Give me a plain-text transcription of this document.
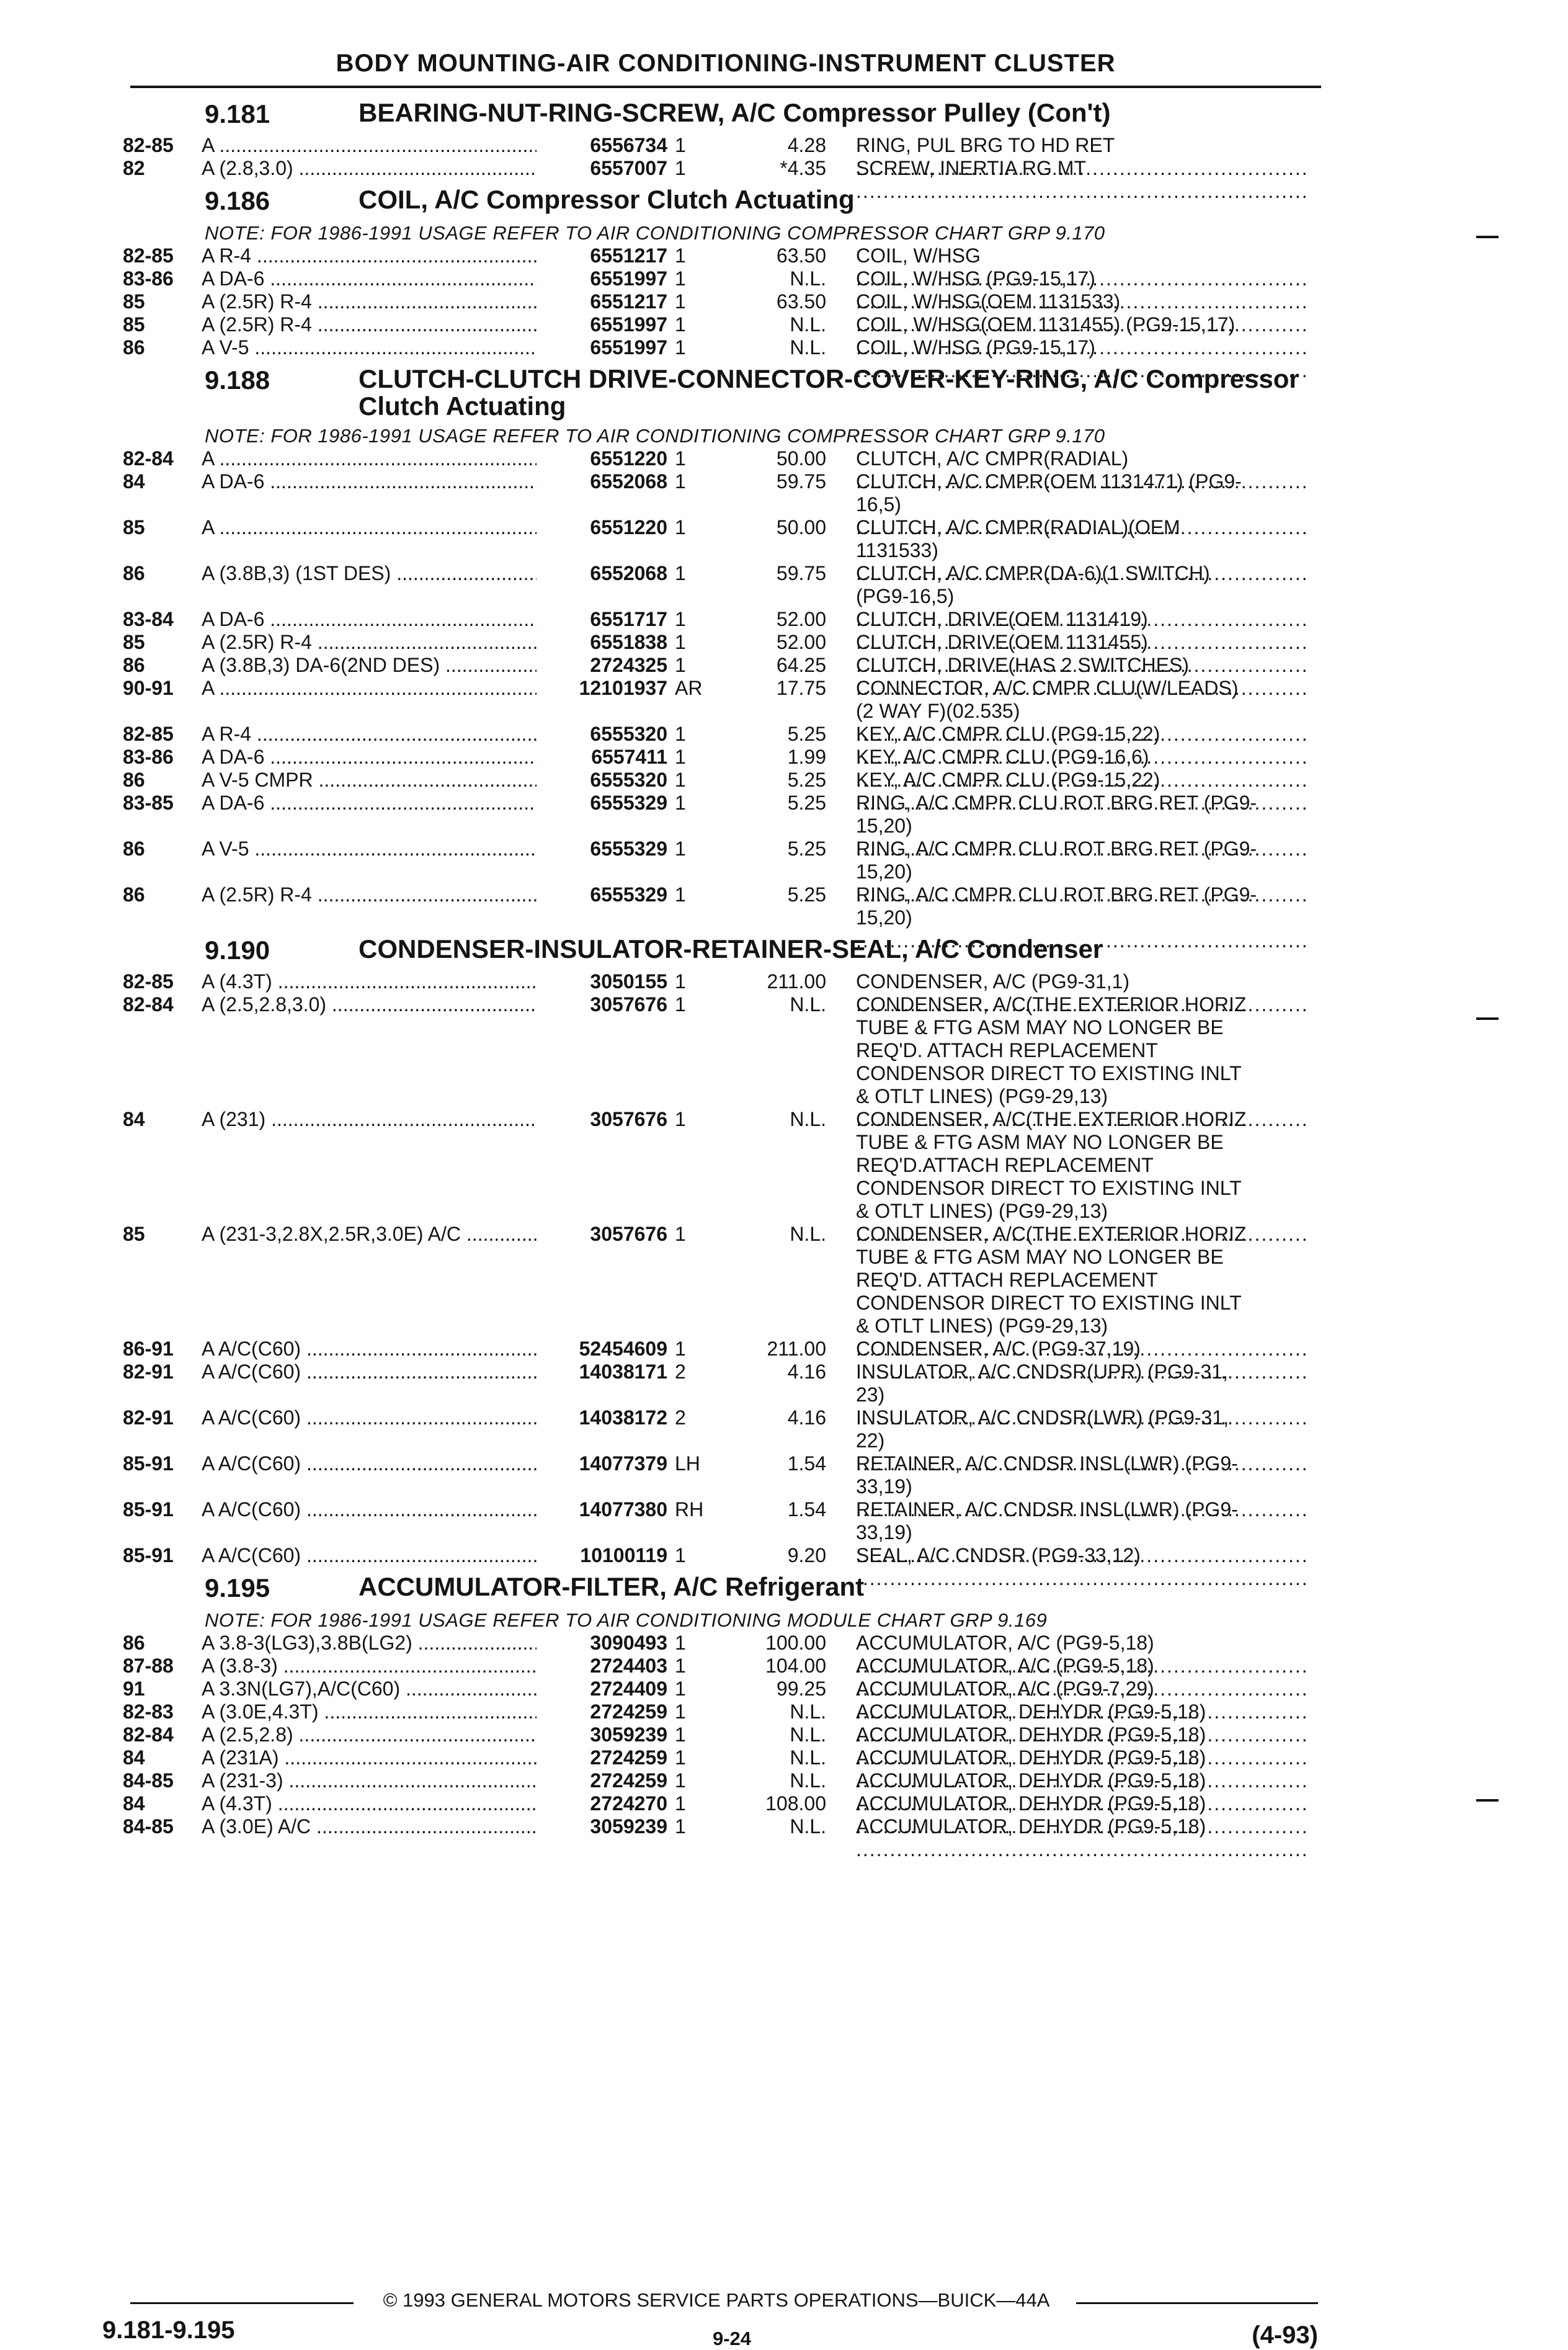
BODY MOUNTING-AIR CONDITIONING-INSTRUMENT CLUSTER
9.181	BEARING-NUT-RING-SCREW, A/C Compressor Pulley (Con't)
82-85 A .....	6556734 1	4.28 RING, PUL BRG TO HD RET .....
82	A (2.8,3.0) .....	6557007 1	*4.35 SCREW, INERTIA RG MT .....
9.186	COIL, A/C Compressor Clutch Actuating
NOTE: FOR 1986-1991 USAGE REFER TO AIR CONDITIONING COMPRESSOR CHART GRP 9.170
82-85 A R-4 .....	6551217 1	63.50 COIL, W/HSG .....
83-86 A DA-6 .....	6551997 1	N.L. COIL, W/HSG (PG9-15,17) .....
85	A (2.5R) R-4 .....	6551217 1	63.50 COIL, W/HSG(OEM 1131533) .....
85	A (2.5R) R-4 .....	6551997 1	N.L. COIL, W/HSG(OEM 1131455) (PG9-15,17) .....
86	A V-5 .....	6551997 1	N.L. COIL, W/HSG (PG9-15,17) .....
9.188	CLUTCH-CLUTCH DRIVE-CONNECTOR-COVER-KEY-RING, A/C Compressor Clutch Actuating
NOTE: FOR 1986-1991 USAGE REFER TO AIR CONDITIONING COMPRESSOR CHART GRP 9.170
82-84 A .....	6551220 1	50.00 CLUTCH, A/C CMPR(RADIAL) .....
84	A DA-6 .....	6552068 1	59.75 CLUTCH, A/C CMPR(OEM 1131471) (PG9-
16,5) .....
85	A .....	6551220 1	50.00 CLUTCH, A/C CMPR(RADIAL)(OEM
1131533) .....
86	A (3.8B,3) (1ST DES) .....	6552068 1	59.75 CLUTCH, A/C CMPR(DA-6)(1 SWITCH)
(PG9-16,5) .....
83-84 A DA-6 .....	6551717 1	52.00 CLUTCH, DRIVE(OEM 1131419) .....
85	A (2.5R) R-4 .....	6551838 1	52.00 CLUTCH, DRIVE(OEM 1131455) .....
86	A (3.8B,3) DA-6(2ND DES) .....	2724325 1	64.25 CLUTCH, DRIVE(HAS 2 SWITCHES) .....
90-91 A .....	12101937 AR	17.75 CONNECTOR, A/C CMPR CLU(W/LEADS)
(2 WAY F)(02.535) .....
82-85 A R-4 .....	6555320 1	5.25 KEY, A/C CMPR CLU (PG9-15,22) .....
83-86 A DA-6 .....	6557411 1	1.99 KEY, A/C CMPR CLU (PG9-16,6) .....
86	A V-5 CMPR .....	6555320 1	5.25 KEY, A/C CMPR CLU (PG9-15,22) .....
83-85 A DA-6 .....	6555329 1	5.25 RING, A/C CMPR CLU ROT BRG RET (PG9-
15,20) .....
86	A V-5 .....	6555329 1	5.25 RING, A/C CMPR CLU ROT BRG RET (PG9-
15,20) .....
86	A (2.5R) R-4 .....	6555329 1	5.25 RING, A/C CMPR CLU ROT BRG RET (PG9-
15,20) .....
9.190	CONDENSER-INSULATOR-RETAINER-SEAL, A/C Condenser
82-85 A (4.3T) .....	3050155 1	211.00 CONDENSER, A/C (PG9-31,1) .....
82-84 A (2.5,2.8,3.0) .....	3057676 1	N.L. CONDENSER, A/C(THE EXTERIOR HORIZ
TUBE & FTG ASM MAY NO LONGER BE
REQ'D. ATTACH REPLACEMENT
CONDENSOR DIRECT TO EXISTING INLT
& OTLT LINES) (PG9-29,13) .....
84	A (231) .....	3057676 1	N.L. CONDENSER, A/C(THE EXTERIOR HORIZ
TUBE & FTG ASM MAY NO LONGER BE
REQ'D.ATTACH REPLACEMENT
CONDENSOR DIRECT TO EXISTING INLT
& OTLT LINES) (PG9-29,13) .....
85	A (231-3,2.8X,2.5R,3.0E) A/C .....	3057676 1	N.L. CONDENSER, A/C(THE EXTERIOR HORIZ
TUBE & FTG ASM MAY NO LONGER BE
REQ'D. ATTACH REPLACEMENT
CONDENSOR DIRECT TO EXISTING INLT
& OTLT LINES) (PG9-29,13) .....
86-91 A A/C(C60) .....	52454609 1	211.00 CONDENSER, A/C (PG9-37,19) .....
82-91 A A/C(C60) .....	14038171 2	4.16 INSULATOR, A/C CNDSR(UPR) (PG9-31,
23) .....
82-91 A A/C(C60) .....	14038172 2	4.16 INSULATOR, A/C CNDSR(LWR) (PG9-31,
22) .....
85-91 A A/C(C60) .....	14077379 LH	1.54 RETAINER, A/C CNDSR INSL(LWR) (PG9-
33,19) .....
85-91 A A/C(C60) .....	14077380 RH	1.54 RETAINER, A/C CNDSR INSL(LWR) (PG9-
33,19) .....
85-91 A A/C(C60) .....	10100119 1	9.20 SEAL, A/C CNDSR (PG9-33,12) .....
9.195	ACCUMULATOR-FILTER, A/C Refrigerant
NOTE: FOR 1986-1991 USAGE REFER TO AIR CONDITIONING MODULE CHART GRP 9.169
86	A 3.8-3(LG3),3.8B(LG2) .....	3090493 1	100.00 ACCUMULATOR, A/C (PG9-5,18) .....
87-88 A (3.8-3) .....	2724403 1	104.00 ACCUMULATOR, A/C (PG9-5,18) .....
91	A 3.3N(LG7),A/C(C60) .....	2724409 1	99.25 ACCUMULATOR, A/C (PG9-7,29) .....
82-83 A (3.0E,4.3T) .....	2724259 1	N.L. ACCUMULATOR, DEHYDR (PG9-5,18) .....
82-84 A (2.5,2.8) .....	3059239 1	N.L. ACCUMULATOR, DEHYDR (PG9-5,18) .....
84	A (231A) .....	2724259 1	N.L. ACCUMULATOR, DEHYDR (PG9-5,18) .....
84-85 A (231-3) .....	2724259 1	N.L. ACCUMULATOR, DEHYDR (PG9-5,18) .....
84	A (4.3T) .....	2724270 1	108.00 ACCUMULATOR, DEHYDR (PG9-5,18) .....
84-85 A (3.0E) A/C .....	3059239 1	N.L. ACCUMULATOR, DEHYDR (PG9-5,18) .....
© 1993 GENERAL MOTORS SERVICE PARTS OPERATIONS—BUICK—44A
9.181-9.195	9-24	(4-93)
